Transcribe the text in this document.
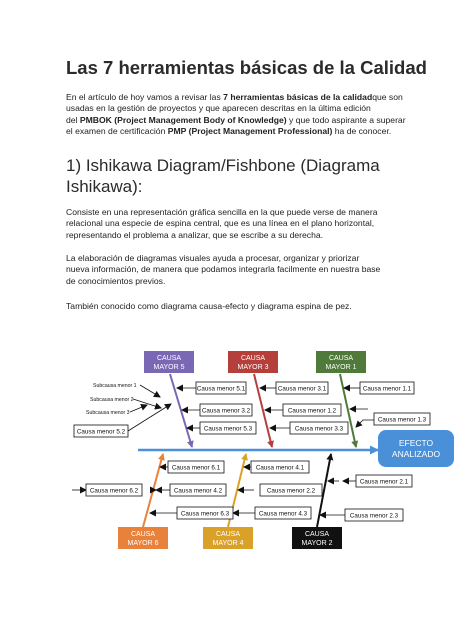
Las 7 herramientas básicas de la Calidad
En el artículo de hoy vamos a revisar las 7 herramientas básicas de la calidadque son
usadas en la gestión de proyectos y que aparecen descritas en la última edición
del PMBOK (Project Management Body of Knowledge) y que todo aspirante a superar
el examen de certificación PMP (Project Management Professional) ha de conocer.
1) Ishikawa Diagram/Fishbone (Diagrama
Ishikawa):
Consiste en una representación gráfica sencilla en la que puede verse de manera
relacional una especie de espina central, que es una línea en el plano horizontal,
representando el problema a analizar, que se escribe a su derecha.
La elaboración de diagramas visuales ayuda a procesar, organizar y priorizar
nueva información, de manera que podamos integrarla facilmente en nuestra base
de conocimientos previos.
También conocido como diagrama causa-efecto y diagrama espina de pez.
CAUSA
MAYOR 5
CAUSA
MAYOR 3
CAUSA
MAYOR 1
CAUSA
MAYOR 6
CAUSA
MAYOR 4
CAUSA
MAYOR 2
EFECTO
ANALIZADO
Subcausa menor 1
Subcausa menor 2
Subcausa menor 3
Causa menor 5.1	Causa menor 3.1	Causa menor 1.1
Causa menor 5.2
Causa menor 3.2	Causa menor 1.2
Causa menor 1.3
Causa menor 5.3	Causa menor 3.3
Causa menor 6.1	Causa menor 4.1
Causa menor 6.2	Causa menor 4.2
Causa menor 2.1
Causa menor 6.3
Causa menor 2.2
Causa menor 4.3	Causa menor 2.3
